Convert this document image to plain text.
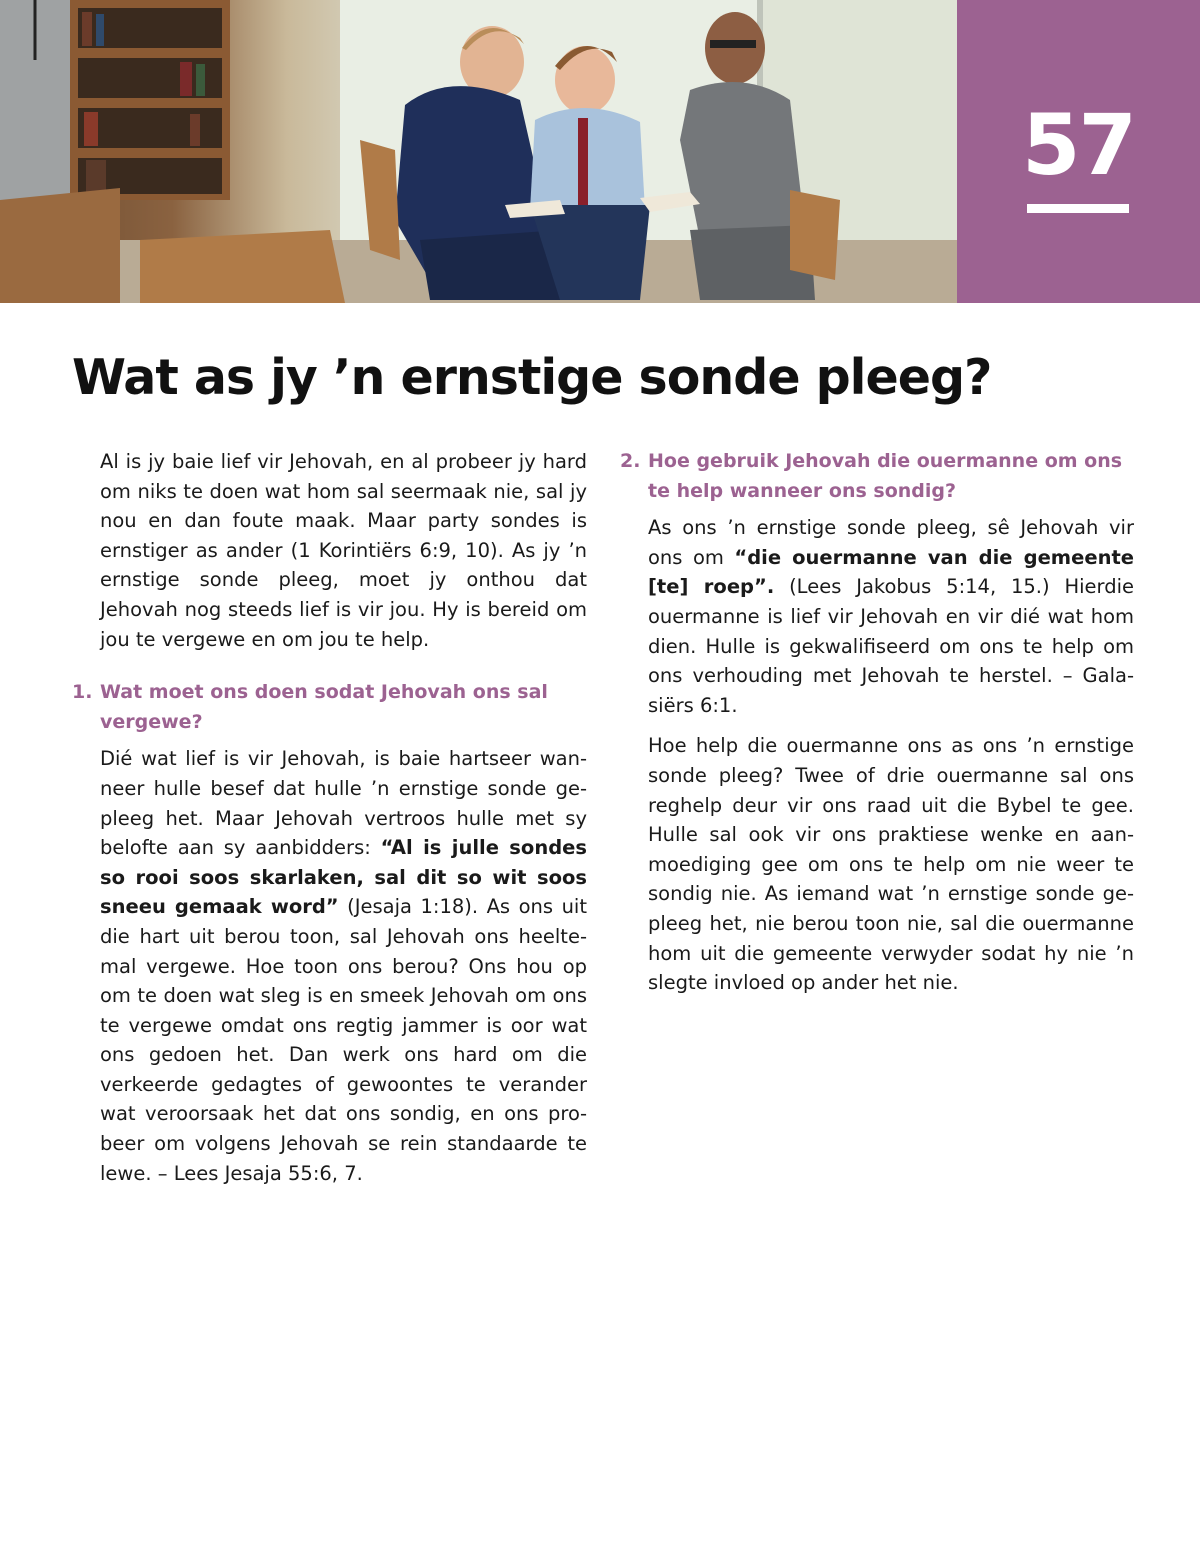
57
Wat as jy ’n ernstige sonde pleeg?

Al is jy baie lief vir Jehovah, en al probeer jy hard om niks te doen wat hom sal seermaak nie, sal jy nou en dan foute maak. Maar party sondes is ernstiger as ander (1 Korintiërs 6:9, 10). As jy ’n ernstige sonde pleeg, moet jy onthou dat Jehovah nog steeds lief is vir jou. Hy is bereid om jou te vergewe en om jou te help.

1. Wat moet ons doen sodat Jehovah ons sal vergewe?

Dié wat lief is vir Jehovah, is baie hartseer wanneer hulle besef dat hulle ’n ernstige sonde gepleeg het. Maar Jehovah vertroos hulle met sy belofte aan sy aanbidders: “Al is julle sondes so rooi soos skarlaken, sal dit so wit soos sneeu gemaak word” (Jesaja 1:18). As ons uit die hart uit berou toon, sal Jehovah ons heeltemal vergewe. Hoe toon ons berou? Ons hou op om te doen wat sleg is en smeek Jehovah om ons te vergewe omdat ons regtig jammer is oor wat ons gedoen het. Dan werk ons hard om die verkeerde gedagtes of gewoontes te verander wat veroorsaak het dat ons sondig, en ons probeer om volgens Jehovah se rein standaarde te lewe. – Lees Jesaja 55:6, 7.

2. Hoe gebruik Jehovah die ouermanne om ons te help wanneer ons sondig?

As ons ’n ernstige sonde pleeg, sê Jehovah vir ons om “die ouermanne van die gemeente [te] roep”. (Lees Jakobus 5:14, 15.) Hierdie ouermanne is lief vir Jehovah en vir dié wat hom dien. Hulle is gekwalifiseerd om ons te help om ons verhouding met Jehovah te herstel. – Galasiërs 6:1.

Hoe help die ouermanne ons as ons ’n ernstige sonde pleeg? Twee of drie ouermanne sal ons reghelp deur vir ons raad uit die Bybel te gee. Hulle sal ook vir ons praktiese wenke en aanmoediging gee om ons te help om nie weer te sondig nie. As iemand wat ’n ernstige sonde gepleeg het, nie berou toon nie, sal die ouermanne hom uit die gemeente verwyder sodat hy nie ’n slegte invloed op ander het nie.
